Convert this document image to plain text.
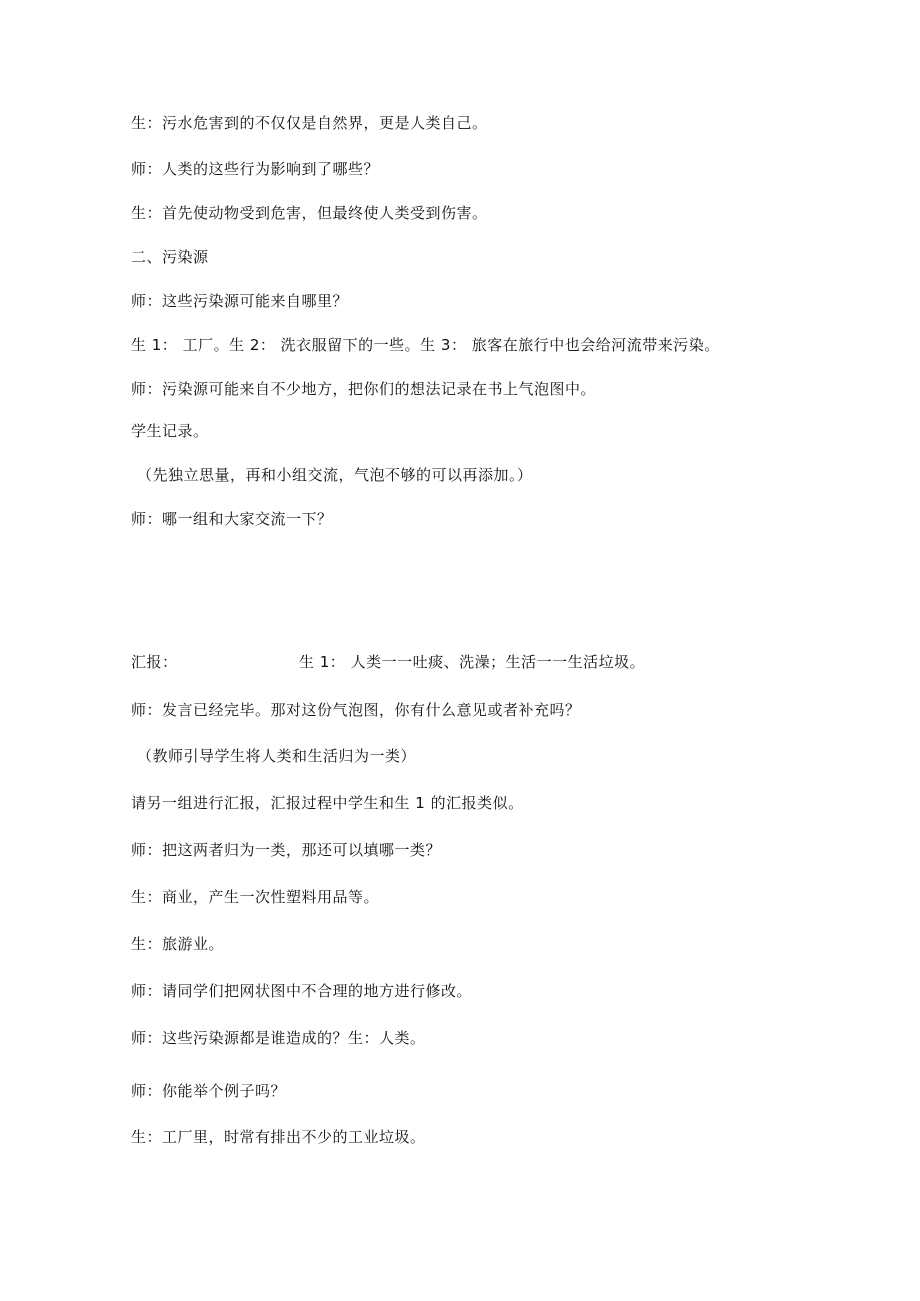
生：污水危害到的不仅仅是自然界，更是人类自己。

师：人类的这些行为影响到了哪些？

生：首先使动物受到危害，但最终使人类受到伤害。

二、污染源

师：这些污染源可能来自哪里？

生 1： 工厂。生 2： 洗衣服留下的一些。生 3： 旅客在旅行中也会给河流带来污染。

师：污染源可能来自不少地方，把你们的想法记录在书上气泡图中。

学生记录。

（先独立思量，再和小组交流，气泡不够的可以再添加。）

师：哪一组和大家交流一下？

汇报：	生 1： 人类一一吐痰、洗澡；生活一一生活垃圾。

师：发言已经完毕。那对这份气泡图，你有什么意见或者补充吗？

（教师引导学生将人类和生活归为一类）

请另一组进行汇报，汇报过程中学生和生 1 的汇报类似。

师：把这两者归为一类，那还可以填哪一类？

生：商业，产生一次性塑料用品等。

生：旅游业。

师：请同学们把网状图中不合理的地方进行修改。

师：这些污染源都是谁造成的？生：人类。

师：你能举个例子吗？

生：工厂里，时常有排出不少的工业垃圾。
